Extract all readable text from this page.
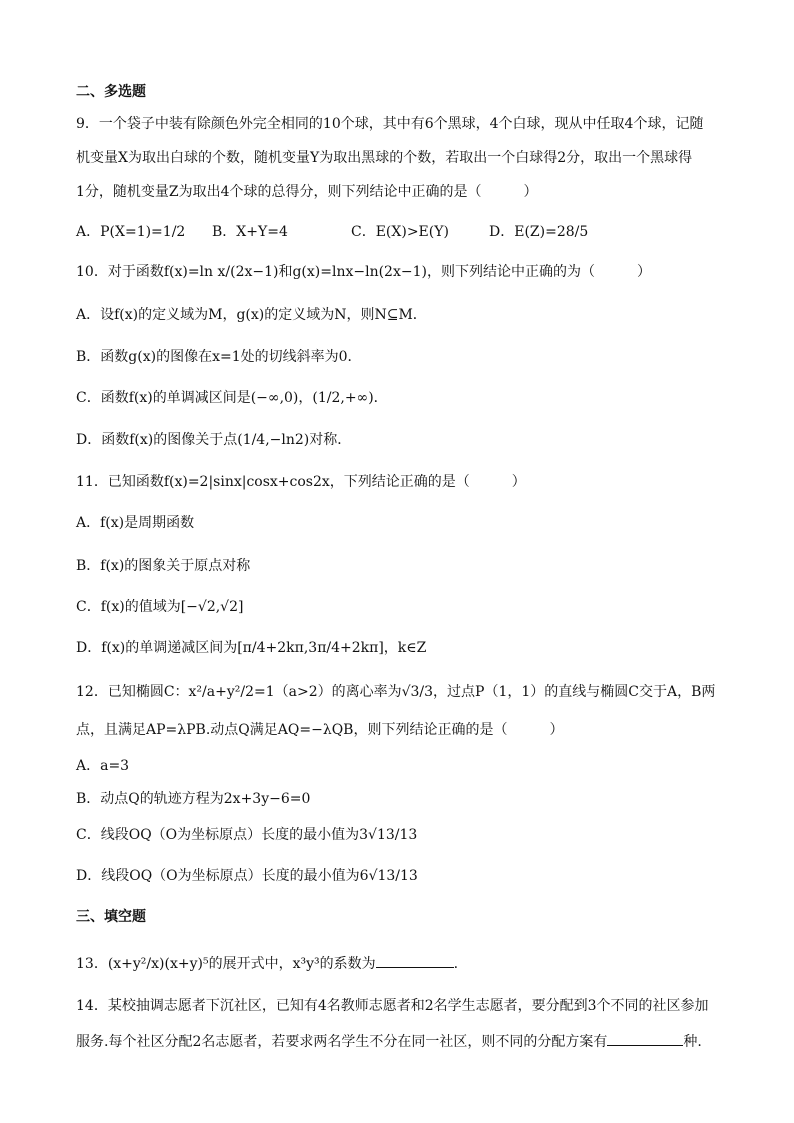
二、多选题
9．一个袋子中装有除颜色外完全相同的10个球，其中有6个黑球，4个白球，现从中任取4个球，记随
机变量X为取出白球的个数，随机变量Y为取出黑球的个数，若取出一个白球得2分，取出一个黑球得
1分，随机变量Z为取出4个球的总得分，则下列结论中正确的是（　　　）
A．P(X=1)=1/2 B．X+Y=4	C．E(X)>E(Y)	D．E(Z)=28/5
10．对于函数f(x)=ln x/(2x−1)和g(x)=lnx−ln(2x−1)，则下列结论中正确的为（　　　）
A．设f(x)的定义域为M，g(x)的定义域为N，则N⊆M．
B．函数g(x)的图像在x=1处的切线斜率为0．
C．函数f(x)的单调减区间是(−∞,0)，(1/2,+∞)．
D．函数f(x)的图像关于点(1/4,−ln2)对称．
11．已知函数f(x)=2|sinx|cosx+cos2x，下列结论正确的是（　　　）
A．f(x)是周期函数
B．f(x)的图象关于原点对称
C．f(x)的值域为[−√2,√2]
D．f(x)的单调递减区间为[π/4+2kπ,3π/4+2kπ]，k∈Z
12．已知椭圆C：x²/a+y²/2=1（a>2）的离心率为√3/3，过点P（1，1）的直线与椭圆C交于A，B两
点，且满足AP=λPB.动点Q满足AQ=−λQB，则下列结论正确的是（　　　）
A．a=3
B．动点Q的轨迹方程为2x+3y−6=0
C．线段OQ（O为坐标原点）长度的最小值为3√13/13
D．线段OQ（O为坐标原点）长度的最小值为6√13/13
三、填空题
13．(x+y²/x)(x+y)⁵的展开式中，x³y³的系数为	.
14．某校抽调志愿者下沉社区，已知有4名教师志愿者和2名学生志愿者，要分配到3个不同的社区参加
服务.每个社区分配2名志愿者，若要求两名学生不分在同一社区，则不同的分配方案有	种.
